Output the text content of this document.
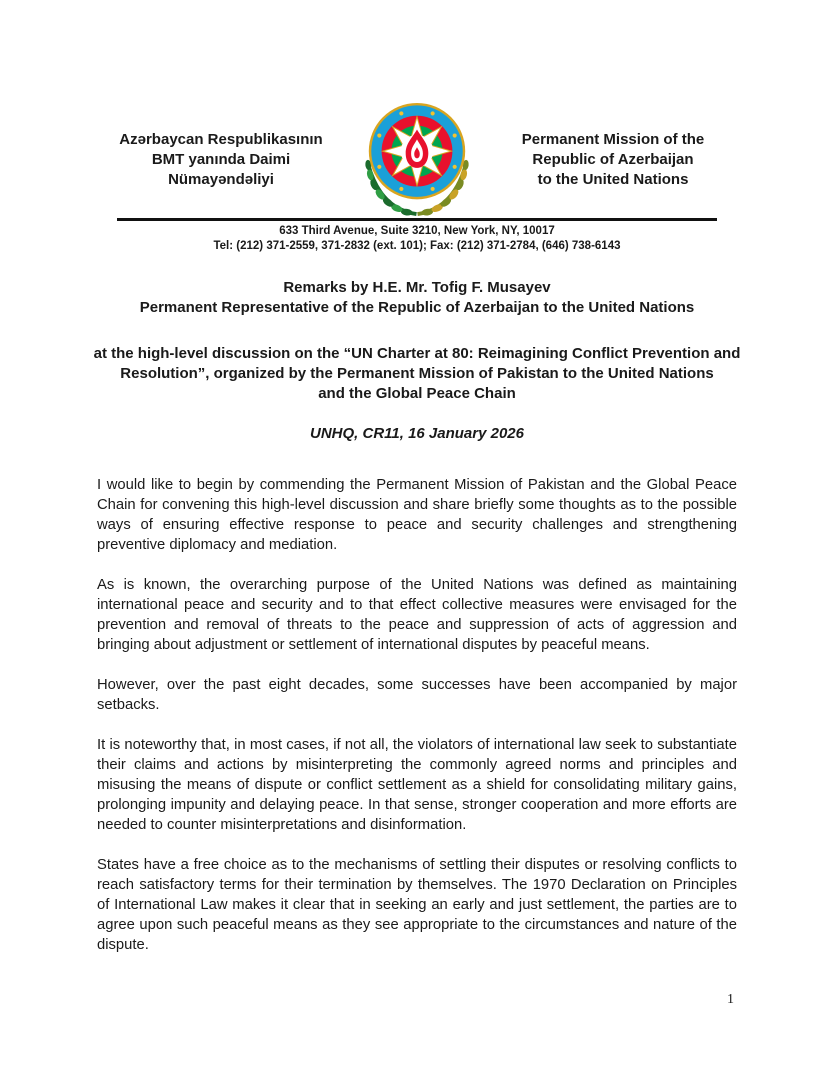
Azərbaycan Respublikasının
BMT yanında Daimi
Nümayəndəliyi
Permanent Mission of the
Republic of Azerbaijan
to the United Nations
633 Third Avenue, Suite 3210, New York, NY, 10017
Tel: (212) 371-2559, 371-2832 (ext. 101); Fax: (212) 371-2784, (646) 738-6143
Remarks by H.E. Mr. Tofig F. Musayev
Permanent Representative of the Republic of Azerbaijan to the United Nations
at the high-level discussion on the “UN Charter at 80: Reimagining Conflict Prevention and
Resolution”, organized by the Permanent Mission of Pakistan to the United Nations
and the Global Peace Chain
UNHQ, CR11, 16 January 2026

I would like to begin by commending the Permanent Mission of Pakistan and the Global Peace Chain for convening this high-level discussion and share briefly some thoughts as to the possible ways of ensuring effective response to peace and security challenges and strengthening preventive diplomacy and mediation.

As is known, the overarching purpose of the United Nations was defined as maintaining international peace and security and to that effect collective measures were envisaged for the prevention and removal of threats to the peace and suppression of acts of aggression and bringing about adjustment or settlement of international disputes by peaceful means.

However, over the past eight decades, some successes have been accompanied by major setbacks.

It is noteworthy that, in most cases, if not all, the violators of international law seek to substantiate their claims and actions by misinterpreting the commonly agreed norms and principles and misusing the means of dispute or conflict settlement as a shield for consolidating military gains, prolonging impunity and delaying peace. In that sense, stronger cooperation and more efforts are needed to counter misinterpretations and disinformation.

States have a free choice as to the mechanisms of settling their disputes or resolving conflicts to reach satisfactory terms for their termination by themselves. The 1970 Declaration on Principles of International Law makes it clear that in seeking an early and just settlement, the parties are to agree upon such peaceful means as they see appropriate to the circumstances and nature of the dispute.

1
